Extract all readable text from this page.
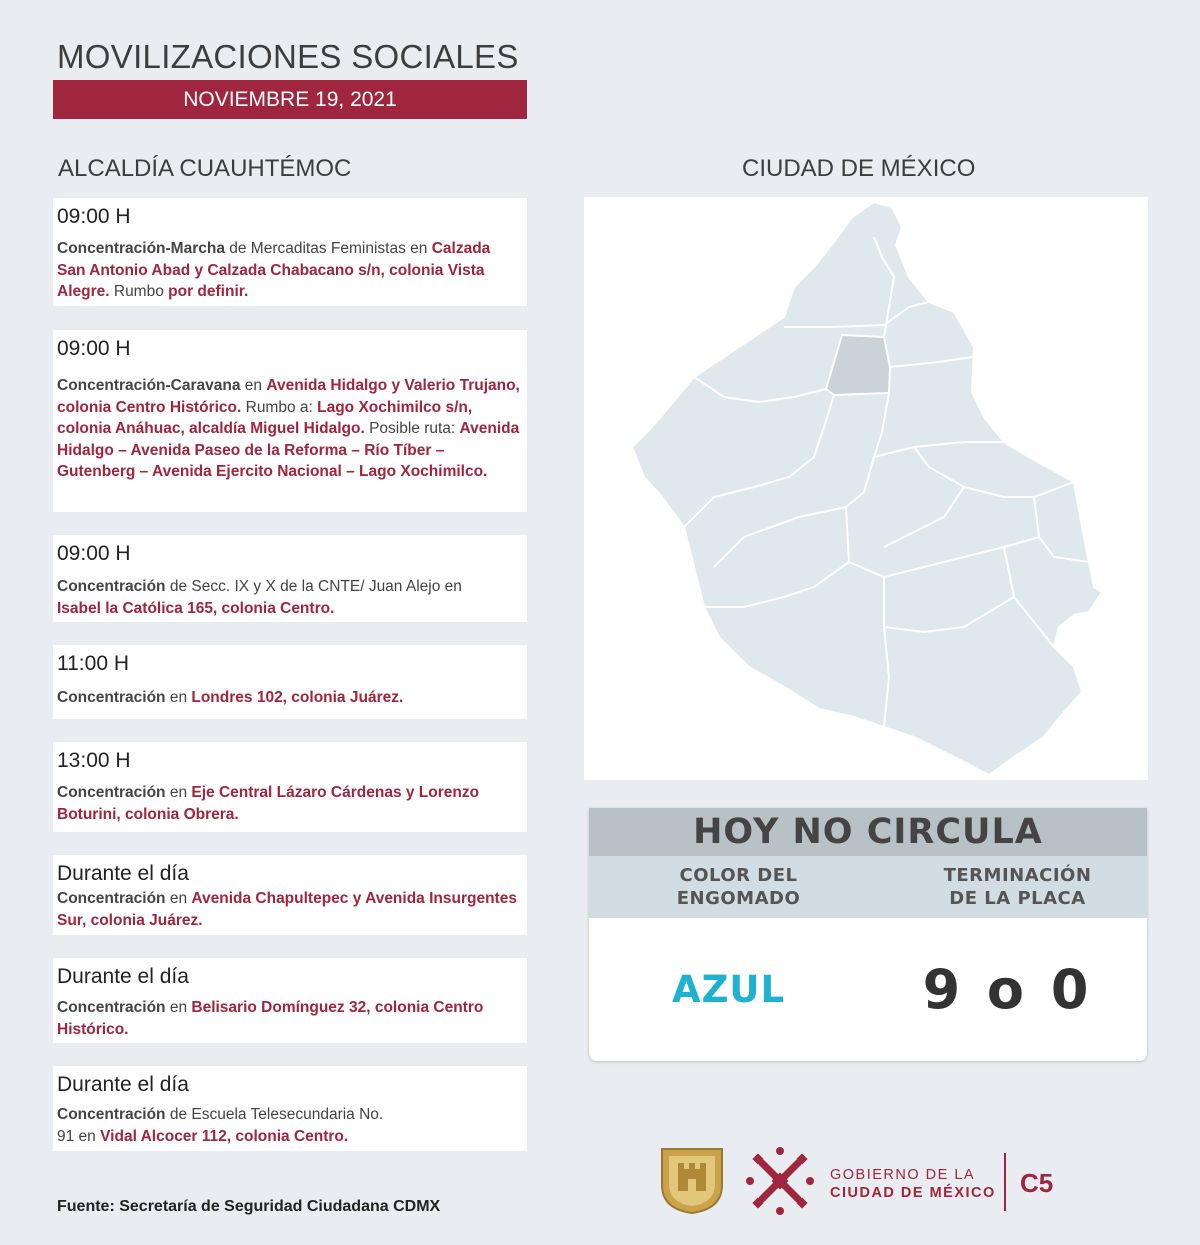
MOVILIZACIONES SOCIALES
NOVIEMBRE 19, 2021
ALCALDÍA CUAUHTÉMOC	CIUDAD DE MÉXICO
09:00 H

Concentración-Marcha de Mercaditas Feministas en Calzada San Antonio Abad y Calzada Chabacano s/n, colonia Vista Alegre. Rumbo por definir.

09:00 H

Concentración-Caravana en Avenida Hidalgo y Valerio Trujano, colonia Centro Histórico. Rumbo a: Lago Xochimilco s/n, colonia Anáhuac, alcaldía Miguel Hidalgo. Posible ruta: Avenida Hidalgo – Avenida Paseo de la Reforma – Río Tíber – Gutenberg – Avenida Ejercito Nacional – Lago Xochimilco.

09:00 H

Concentración de Secc. IX y X de la CNTE/ Juan Alejo en Isabel la Católica 165, colonia Centro.

11:00 H

Concentración en Londres 102, colonia Juárez.

13:00 H

Concentración en Eje Central Lázaro Cárdenas y Lorenzo Boturini, colonia Obrera.

Durante el día

Concentración en Avenida Chapultepec y Avenida Insurgentes Sur, colonia Juárez.

Durante el día

Concentración en Belisario Domínguez 32, colonia Centro Histórico.

Durante el día

Concentración de Escuela Telesecundaria No. 91 en Vidal Alcocer 112, colonia Centro.

HOY NO CIRCULA
COLOR DEL ENGOMADO
TERMINACIÓN DE LA PLACA
AZUL	9 o 0
Fuente: Secretaría de Seguridad Ciudadana CDMX
GOBIERNO DE LA
CIUDAD DE MÉXICO C5
